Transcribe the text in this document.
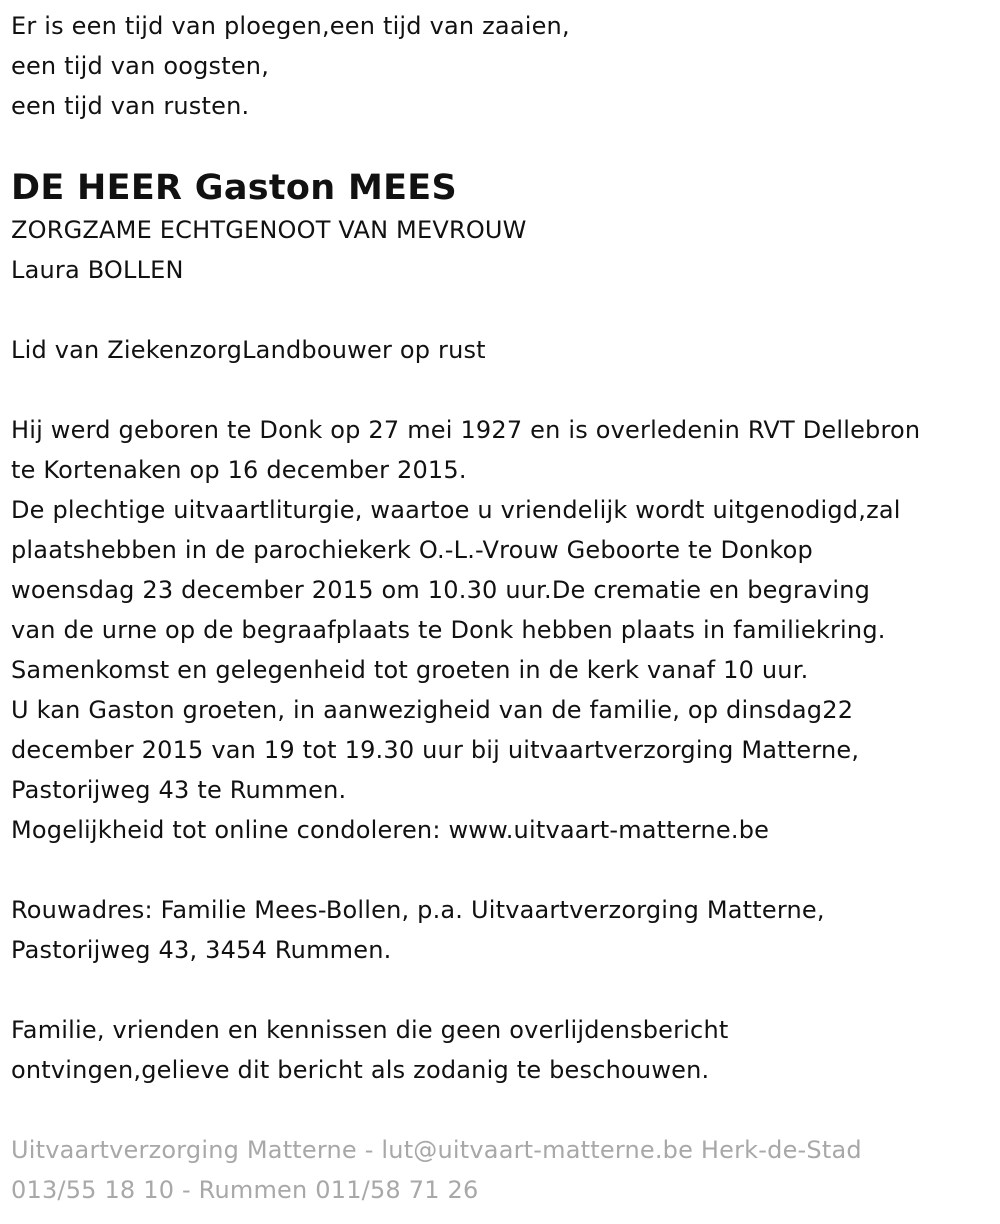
Er is een tijd van ploegen,een tijd van zaaien,
een tijd van oogsten,
een tijd van rusten.
DE HEER Gaston MEES
ZORGZAME ECHTGENOOT VAN MEVROUW
Laura BOLLEN
Lid van ZiekenzorgLandbouwer op rust
Hij werd geboren te Donk op 27 mei 1927 en is overledenin RVT Dellebron
te Kortenaken op 16 december 2015.
De plechtige uitvaartliturgie, waartoe u vriendelijk wordt uitgenodigd,zal
plaatshebben in de parochiekerk O.-L.-Vrouw Geboorte te Donkop
woensdag 23 december 2015 om 10.30 uur.De crematie en begraving
van de urne op de begraafplaats te Donk hebben plaats in familiekring.
Samenkomst en gelegenheid tot groeten in de kerk vanaf 10 uur.
U kan Gaston groeten, in aanwezigheid van de familie, op dinsdag22
december 2015 van 19 tot 19.30 uur bij uitvaartverzorging Matterne,
Pastorijweg 43 te Rummen.
Mogelijkheid tot online condoleren: www.uitvaart-matterne.be
Rouwadres: Familie Mees-Bollen, p.a. Uitvaartverzorging Matterne,
Pastorijweg 43, 3454 Rummen.
Familie, vrienden en kennissen die geen overlijdensbericht
ontvingen,gelieve dit bericht als zodanig te beschouwen.
Uitvaartverzorging Matterne - lut@uitvaart-matterne.be Herk-de-Stad
013/55 18 10 - Rummen 011/58 71 26
